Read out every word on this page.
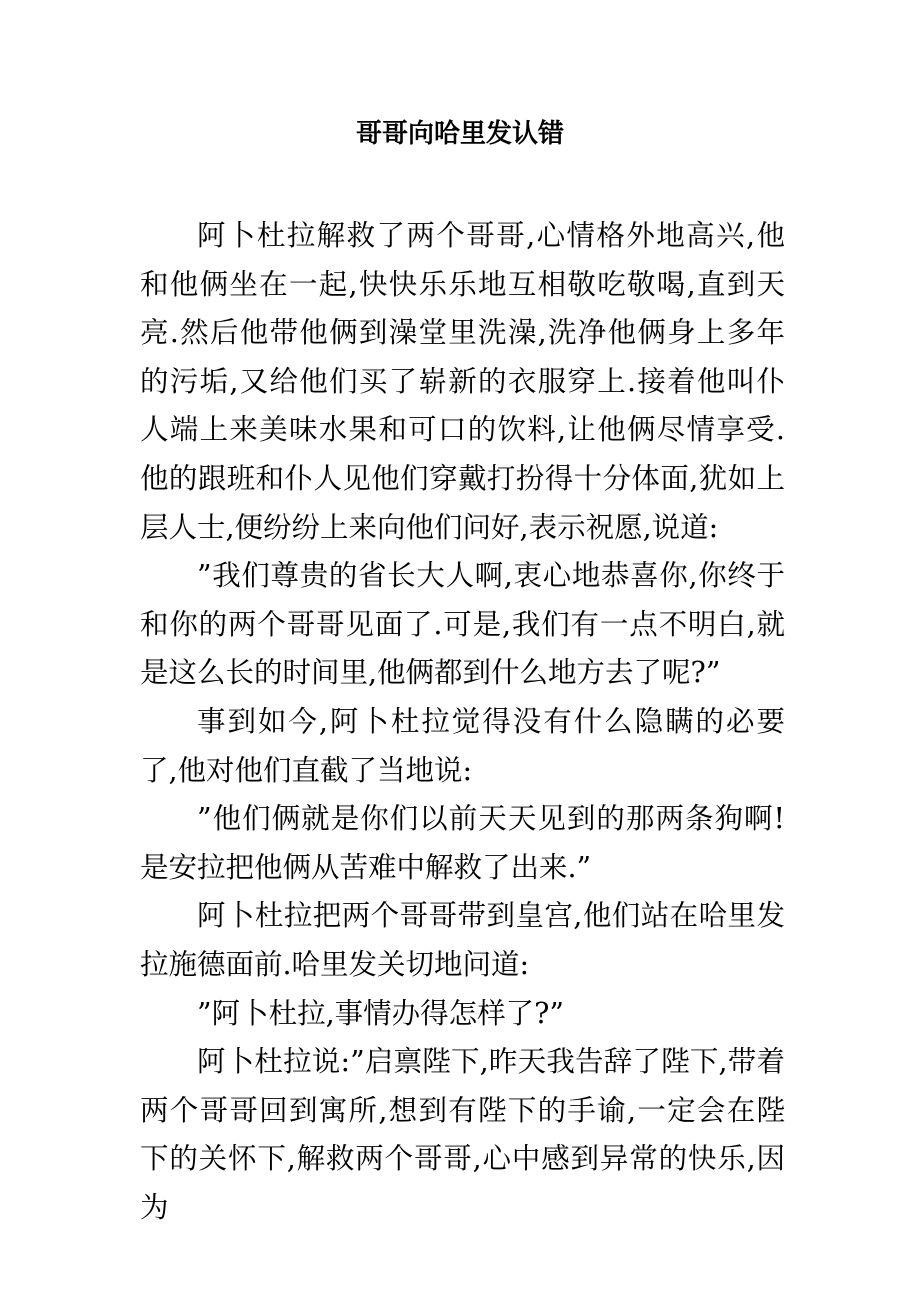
哥哥向哈里发认错

阿卜杜拉解救了两个哥哥,心情格外地高兴,他和他俩坐在一起,快快乐乐地互相敬吃敬喝,直到天亮.然后他带他俩到澡堂里洗澡,洗净他俩身上多年的污垢,又给他们买了崭新的衣服穿上.接着他叫仆人端上来美味水果和可口的饮料,让他俩尽情享受.他的跟班和仆人见他们穿戴打扮得十分体面,犹如上层人士,便纷纷上来向他们问好,表示祝愿,说道:

”我们尊贵的省长大人啊,衷心地恭喜你,你终于和你的两个哥哥见面了.可是,我们有一点不明白,就是这么长的时间里,他俩都到什么地方去了呢?”

事到如今,阿卜杜拉觉得没有什么隐瞒的必要了,他对他们直截了当地说:

”他们俩就是你们以前天天见到的那两条狗啊!是安拉把他俩从苦难中解救了出来.”

阿卜杜拉把两个哥哥带到皇宫,他们站在哈里发拉施德面前.哈里发关切地问道:

”阿卜杜拉,事情办得怎样了?”

阿卜杜拉说:”启禀陛下,昨天我告辞了陛下,带着两个哥哥回到寓所,想到有陛下的手谕,一定会在陛下的关怀下,解救两个哥哥,心中感到异常的快乐,因为
